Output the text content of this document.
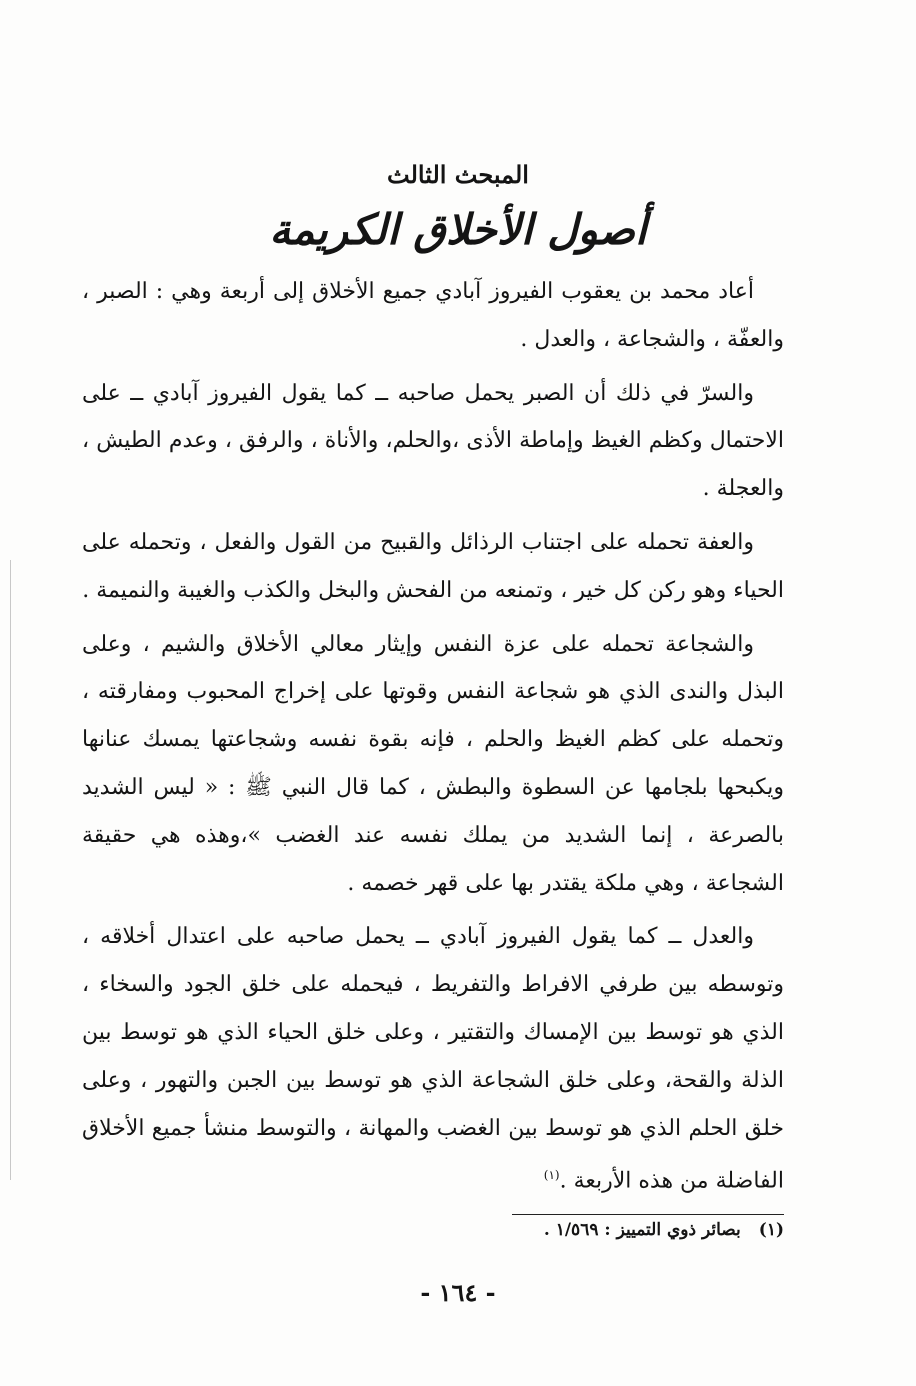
المبحث الثالث
أصول الأخلاق الكريمة

أعاد محمد بن يعقوب الفيروز آبادي جميع الأخلاق إلى أربعة وهي : الصبر ، والعفّة ، والشجاعة ، والعدل .

والسرّ في ذلك أن الصبر يحمل صاحبه ــ كما يقول الفيروز آبادي ــ على الاحتمال وكظم الغيظ وإماطة الأذى ،والحلم، والأناة ، والرفق ، وعدم الطيش ، والعجلة .

والعفة تحمله على اجتناب الرذائل والقبيح من القول والفعل ، وتحمله على الحياء وهو ركن كل خير ، وتمنعه من الفحش والبخل والكذب والغيبة والنميمة .

والشجاعة تحمله على عزة النفس وإيثار معالي الأخلاق والشيم ، وعلى البذل والندى الذي هو شجاعة النفس وقوتها على إخراج المحبوب ومفارقته ، وتحمله على كظم الغيظ والحلم ، فإنه بقوة نفسه وشجاعتها يمسك عنانها ويكبحها بلجامها عن السطوة والبطش ، كما قال النبي ﷺ : « ليس الشديد بالصرعة ، إنما الشديد من يملك نفسه عند الغضب »،وهذه هي حقيقة الشجاعة ، وهي ملكة يقتدر بها على قهر خصمه .

والعدل ــ كما يقول الفيروز آبادي ــ يحمل صاحبه على اعتدال أخلاقه ، وتوسطه بين طرفي الافراط والتفريط ، فيحمله على خلق الجود والسخاء ، الذي هو توسط بين الإمساك والتقتير ، وعلى خلق الحياء الذي هو توسط بين الذلة والقحة، وعلى خلق الشجاعة الذي هو توسط بين الجبن والتهور ، وعلى خلق الحلم الذي هو توسط بين الغضب والمهانة ، والتوسط منشأ جميع الأخلاق الفاضلة من هذه الأربعة .$^{(١)}$

(١)بصائر ذوي التمييز : ١/٥٦٩ .
- ١٦٤ -
